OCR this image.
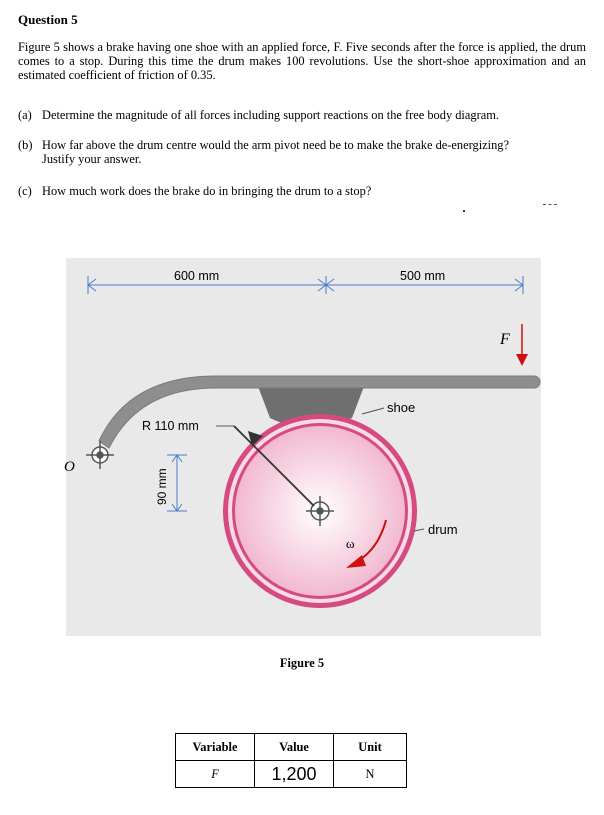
Question 5
Figure 5 shows a brake having one shoe with an applied force, F. Five seconds after the force is applied, the drum comes to a stop. During this time the drum makes 100 revolutions. Use the short-shoe approximation and an estimated coefficient of friction of 0.35.
(a) Determine the magnitude of all forces including support reactions on the free body diagram.
(b) How far above the drum centre would the arm pivot need be to make the brake de-energizing?
Justify your answer.
(c) How much work does the brake do in bringing the drum to a stop?
600 mm	500 mm
F
O
R 110 mm
90 mm
shoe
drum
ω
Figure 5
Variable	Value	Unit
F	1,200	N
